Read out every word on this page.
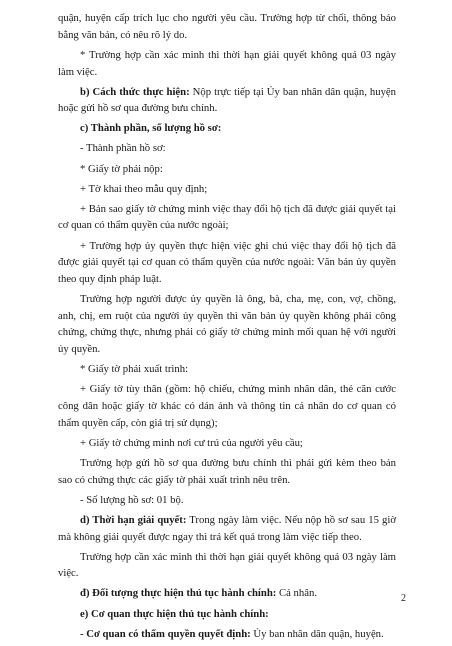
quận, huyện cấp trích lục cho người yêu cầu. Trường hợp từ chối, thông báo bằng văn bản, có nêu rõ lý do.

* Trường hợp cần xác minh thì thời hạn giải quyết không quá 03 ngày làm việc.

b) Cách thức thực hiện: Nộp trực tiếp tại Ủy ban nhân dân quận, huyện hoặc gửi hồ sơ qua đường bưu chính.

c) Thành phần, số lượng hồ sơ:

- Thành phần hồ sơ:

* Giấy tờ phải nộp:

+ Tờ khai theo mẫu quy định;

+ Bản sao giấy tờ chứng minh việc thay đổi hộ tịch đã được giải quyết tại cơ quan có thẩm quyền của nước ngoài;

+ Trường hợp ủy quyền thực hiện việc ghi chú việc thay đổi hộ tịch đã được giải quyết tại cơ quan có thẩm quyền của nước ngoài: Văn bản ủy quyền theo quy định pháp luật.

Trường hợp người được ủy quyền là ông, bà, cha, mẹ, con, vợ, chồng, anh, chị, em ruột của người ủy quyền thì văn bản ủy quyền không phải công chứng, chứng thực, nhưng phải có giấy tờ chứng minh mối quan hệ với người ủy quyền.

* Giấy tờ phải xuất trình:

+ Giấy tờ tùy thân (gồm: hộ chiếu, chứng minh nhân dân, thẻ căn cước công dân hoặc giấy tờ khác có dán ảnh và thông tin cá nhân do cơ quan có thẩm quyền cấp, còn giá trị sử dụng);

+ Giấy tờ chứng minh nơi cư trú của người yêu cầu;

Trường hợp gửi hồ sơ qua đường bưu chính thì phải gửi kèm theo bản sao có chứng thực các giấy tờ phải xuất trình nêu trên.

- Số lượng hồ sơ: 01 bộ.

d) Thời hạn giải quyết: Trong ngày làm việc. Nếu nộp hồ sơ sau 15 giờ mà không giải quyết được ngay thì trả kết quả trong làm việc tiếp theo.

Trường hợp cần xác minh thì thời hạn giải quyết không quá 03 ngày làm việc.

đ) Đối tượng thực hiện thủ tục hành chính: Cá nhân.

e) Cơ quan thực hiện thủ tục hành chính:

- Cơ quan có thẩm quyền quyết định: Ủy ban nhân dân quận, huyện.

2
